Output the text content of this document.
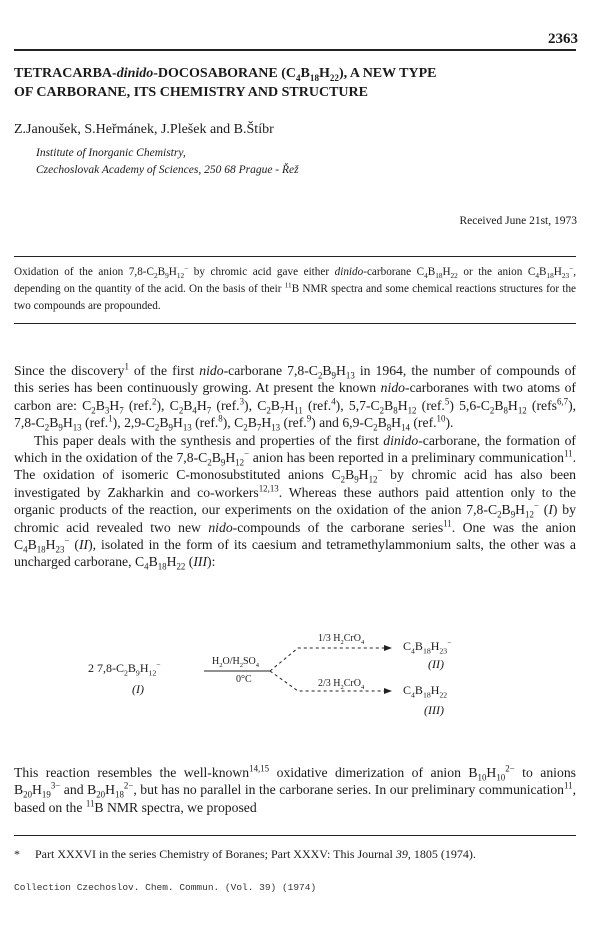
2363
TETRACARBA-dinido-DOCOSABORANE $(C_4B_{18}H_{22})$, A NEW TYPE
OF CARBORANE, ITS CHEMISTRY AND STRUCTURE
Z.Janoušek, S.Heřmánek, J.Plešek and B.Štíbr
Institute of Inorganic Chemistry,
Czechoslovak Academy of Sciences, 250 68 Prague - Řež
Received June 21st, 1973
Oxidation of the anion $7,8-C_2B_9H_{12}^-$ by chromic acid gave either dinido-carborane $C_4B_{18}H_{22}$ or the anion $C_4B_{18}H_{23}^-$, depending on the quantity of the acid. On the basis of their $^{11}$B NMR spectra and some chemical reactions structures for the two compounds are propounded.

Since the discovery$^1$ of the first nido-carborane $7,8-C_2B_9H_{13}$ in 1964, the number of compounds of this series has been continuously growing. At present the known nido-carboranes with two atoms of carbon are: $C_2B_3H_7$ (ref.$^2$), $C_2B_4H_7$ (ref.$^3$), $C_2B_7H_{11}$ (ref.$^4$), $5,7-C_2B_8H_{12}$ (ref.$^5$) $5,6-C_2B_8H_{12}$ (refs$^{6,7}$), $7,8-C_2B_9H_{13}$ (ref.$^1$), $2,9-C_2B_9H_{13}$ (ref.$^8$), $C_2B_7H_{13}$ (ref.$^9$) and $6,9-C_2B_8H_{14}$ (ref.$^{10}$).

This paper deals with the synthesis and properties of the first dinido-carborane, the formation of which in the oxidation of the $7,8-C_2B_9H_{12}^-$ anion has been reported in a preliminary communication$^{11}$. The oxidation of isomeric C-monosubstituted anions $C_2B_9H_{12}^-$ by chromic acid has also been investigated by Zakharkin and co-workers$^{12,13}$. Whereas these authors paid attention only to the organic products of the reaction, our experiments on the oxidation of the anion $7,8-C_2B_9H_{12}^-$ (I) by chromic acid revealed two new nido-compounds of the carborane series$^{11}$. One was the anion $C_4B_{18}H_{23}^-$ (II), isolated in the form of its caesium and tetramethylammonium salts, the other was a uncharged carborane, $C_4B_{18}H_{22}$ (III):

2 $7,8-C_2B_9H_{12}^-$
(I)
$H_2O/H_2SO_4$
0°C
1/3 $H_2CrO_4$
2/3 $H_2CrO_4$
$C_4B_{18}H_{23}^-$
(II)
$C_4B_{18}H_{22}$
(III)

This reaction resembles the well-known$^{14,15}$ oxidative dimerization of anion $B_{10}H_{10}^{2-}$ to anions $B_{20}H_{19}^{3-}$ and $B_{20}H_{18}^{2-}$, but has no parallel in the carborane series. In our preliminary communication$^{11}$, based on the $^{11}$B NMR spectra, we proposed

*     Part XXXVI in the series Chemistry of Boranes; Part XXXV: This Journal 39, 1805 (1974).
Collection Czechoslov. Chem. Commun. (Vol. 39) (1974)
